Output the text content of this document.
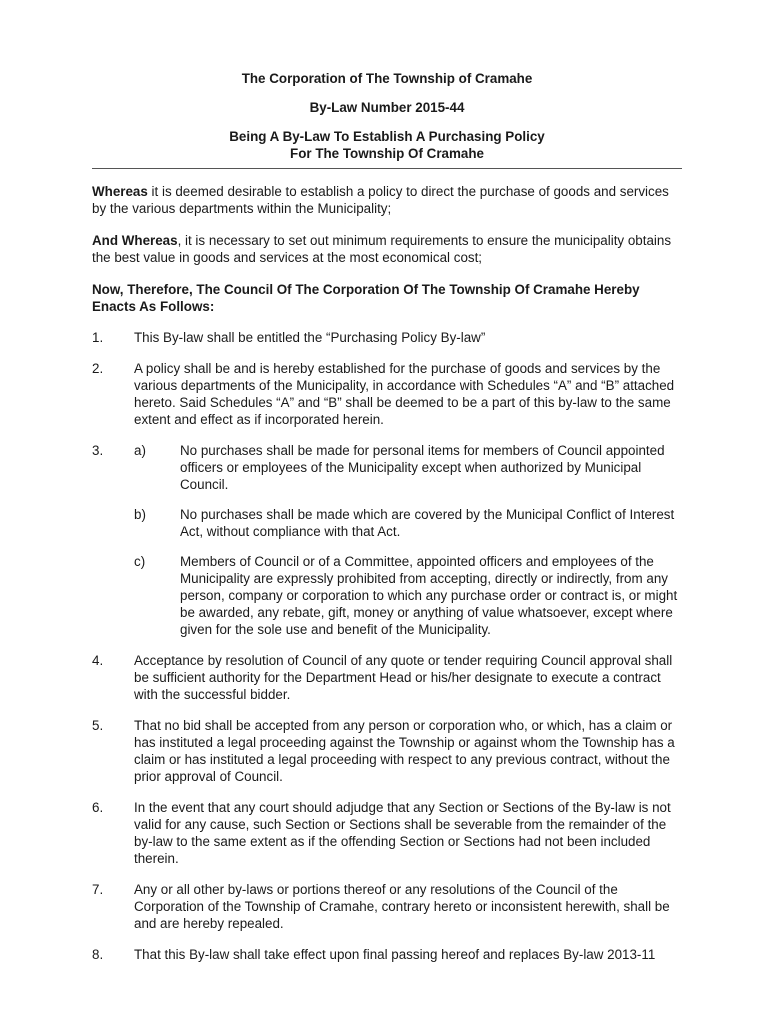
The Corporation of The Township of Cramahe
By-Law Number 2015-44
Being A By-Law To Establish A Purchasing Policy
For The Township Of Cramahe

Whereas it is deemed desirable to establish a policy to direct the purchase of goods and services by the various departments within the Municipality;

And Whereas, it is necessary to set out minimum requirements to ensure the municipality obtains the best value in goods and services at the most economical cost;

Now, Therefore, The Council Of The Corporation Of The Township Of Cramahe Hereby Enacts As Follows:

1.	This By-law shall be entitled the “Purchasing Policy By-law”
2.	A policy shall be and is hereby established for the purchase of goods and services by the various departments of the Municipality, in accordance with Schedules “A” and “B” attached hereto. Said Schedules “A” and “B” shall be deemed to be a part of this by-law to the same extent and effect as if incorporated herein.
3.	a)	No purchases shall be made for personal items for members of Council appointed officers or employees of the Municipality except when authorized by Municipal Council.
b)	No purchases shall be made which are covered by the Municipal Conflict of Interest Act, without compliance with that Act.
c)	Members of Council or of a Committee, appointed officers and employees of the Municipality are expressly prohibited from accepting, directly or indirectly, from any person, company or corporation to which any purchase order or contract is, or might be awarded, any rebate, gift, money or anything of value whatsoever, except where given for the sole use and benefit of the Municipality.
4.	Acceptance by resolution of Council of any quote or tender requiring Council approval shall be sufficient authority for the Department Head or his/her designate to execute a contract with the successful bidder.
5.	That no bid shall be accepted from any person or corporation who, or which, has a claim or has instituted a legal proceeding against the Township or against whom the Township has a claim or has instituted a legal proceeding with respect to any previous contract, without the prior approval of Council.
6.	In the event that any court should adjudge that any Section or Sections of the By-law is not valid for any cause, such Section or Sections shall be severable from the remainder of the by-law to the same extent as if the offending Section or Sections had not been included therein.
7.	Any or all other by-laws or portions thereof or any resolutions of the Council of the Corporation of the Township of Cramahe, contrary hereto or inconsistent herewith, shall be and are hereby repealed.
8.	That this By-law shall take effect upon final passing hereof and replaces By-law 2013-11
